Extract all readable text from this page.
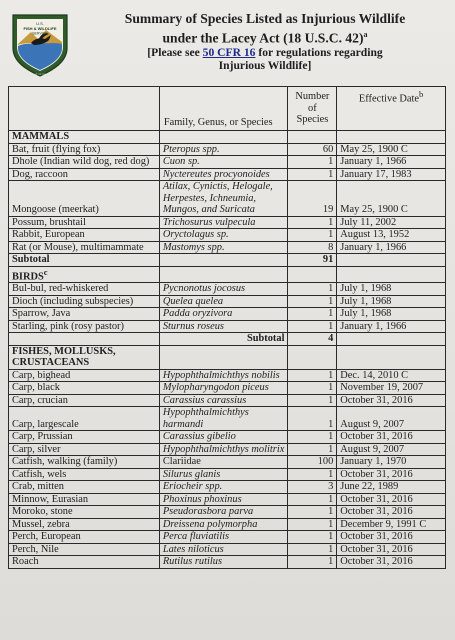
U.S.
FISH & WILDLIFE
SERVICE
DEPARTMENT OF THE INTERIOR
Summary of Species Listed as Injurious Wildlife
under the Lacey Act (18 U.S.C. 42)$^a$
[Please see 50 CFR 16 for regulations regarding
Injurious Wildlife]
	Family, Genus, or Species	Number of Species	Effective Date$^b$
MAMMALS			
Bat, fruit (flying fox)	Pteropus spp.	60	May 25, 1900 C
Dhole (Indian wild dog, red dog)	Cuon sp.	1	January 1, 1966
Dog, raccoon	Nyctereutes procyonoides	1	January 17, 1983
Mongoose (meerkat)	Atilax, Cynictis, Helogale, Herpestes, Ichneumia, Mungos, and Suricata	19	May 25, 1900 C
Possum, brushtail	Trichosurus vulpecula	1	July 11, 2002
Rabbit, European	Oryctolagus sp.	1	August 13, 1952
Rat (or Mouse), multimammate	Mastomys spp.	8	January 1, 1966
Subtotal		91	
BIRDS$^c$			
Bul-bul, red-whiskered	Pycnonotus jocosus	1	July 1, 1968
Dioch (including subspecies)	Quelea quelea	1	July 1, 1968
Sparrow, Java	Padda oryzivora	1	July 1, 1968
Starling, pink (rosy pastor)	Sturnus roseus	1	January 1, 1966
	Subtotal	4	
FISHES, MOLLUSKS,
CRUSTACEANS			
Carp, bighead	Hypophthalmichthys nobilis	1	Dec. 14, 2010 C
Carp, black	Mylopharyngodon piceus	1	November 19, 2007
Carp, crucian	Carassius carassius	1	October 31, 2016
Carp, largescale	Hypophthalmichthys harmandi	1	August 9, 2007
Carp, Prussian	Carassius gibelio	1	October 31, 2016
Carp, silver	Hypophthalmichthys molitrix	1	August 9, 2007
Catfish, walking (family)	Clariidae	100	January 1, 1970
Catfish, wels	Silurus glanis	1	October 31, 2016
Crab, mitten	Eriocheir spp.	3	June 22, 1989
Minnow, Eurasian	Phoxinus phoxinus	1	October 31, 2016
Moroko, stone	Pseudorasbora parva	1	October 31, 2016
Mussel, zebra	Dreissena polymorpha	1	December 9, 1991 C
Perch, European	Perca fluviatilis	1	October 31, 2016
Perch, Nile	Lates niloticus	1	October 31, 2016
Roach	Rutilus rutilus	1	October 31, 2016
